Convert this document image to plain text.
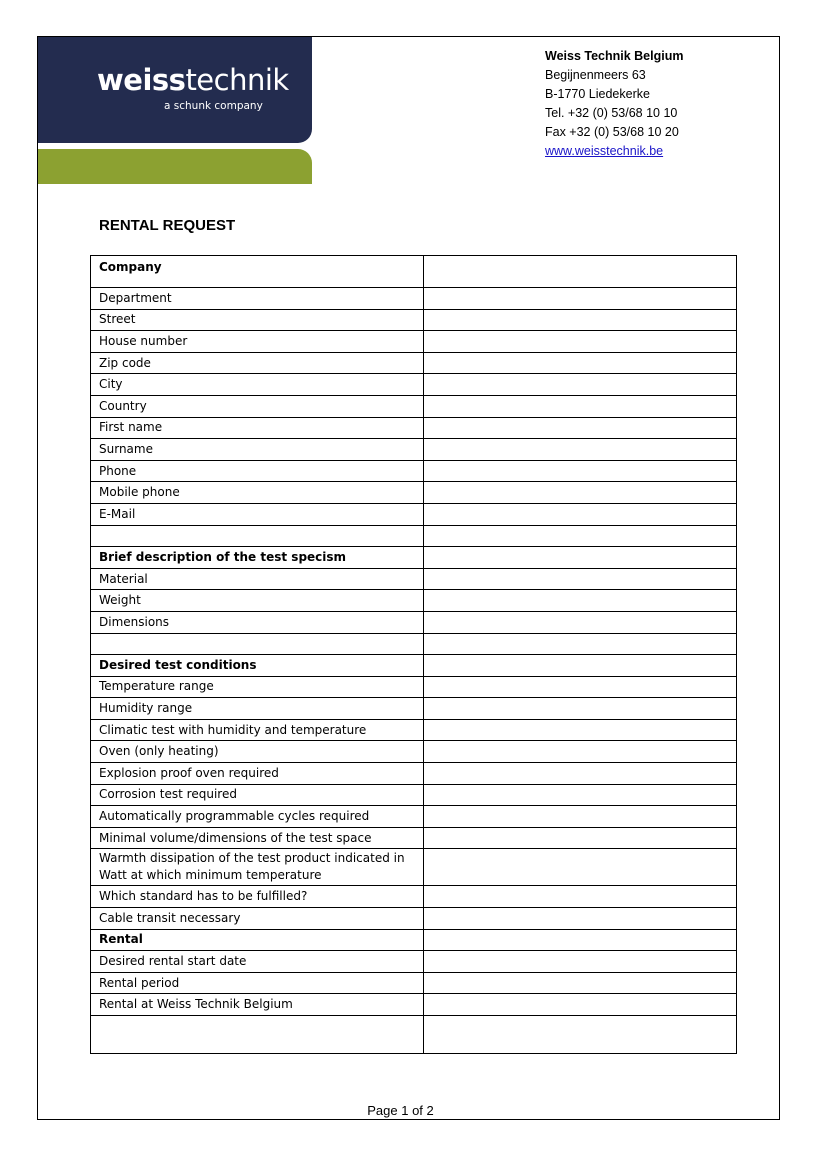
weisstechnik
a schunk company
Weiss Technik Belgium
Begijnenmeers 63
B-1770 Liedekerke
Tel. +32 (0) 53/68 10 10
Fax +32 (0) 53/68 10 20
www.weisstechnik.be
RENTAL REQUEST
Company	
Department	
Street	
House number	
Zip code	
City	
Country	
First name	
Surname	
Phone	
Mobile phone	
E-Mail	

Brief description of the test specism	
Material	
Weight	
Dimensions	

Desired test conditions	
Temperature range	
Humidity range	
Climatic test with humidity and temperature	
Oven (only heating)	
Explosion proof oven required	
Corrosion test required	
Automatically programmable cycles required	
Minimal volume/dimensions of the test space	
Warmth dissipation of the test product indicated in Watt at which minimum temperature	
Which standard has to be fulfilled?	
Cable transit necessary	
Rental	
Desired rental start date	
Rental period	
Rental at Weiss Technik Belgium	

Page 1 of 2
